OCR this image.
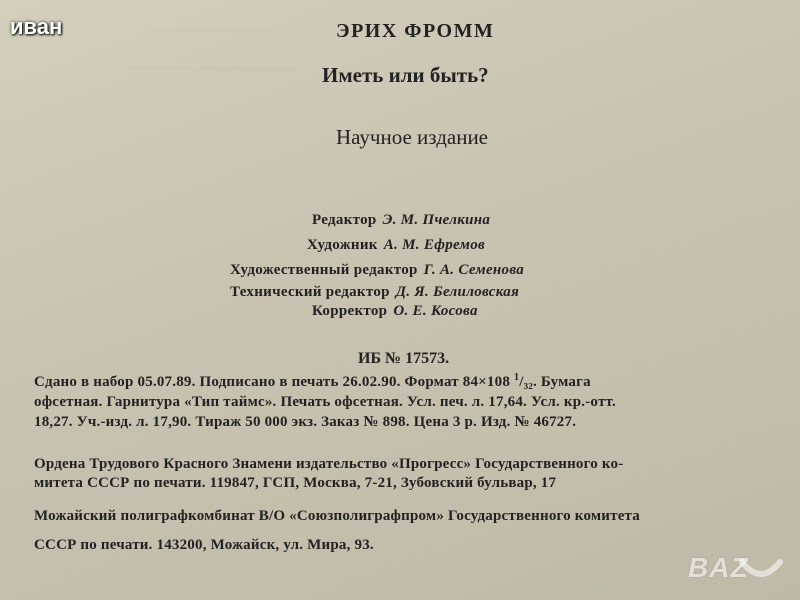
──────────
─────────────
иван	ЭРИХ ФРОММ
Иметь или быть?
Научное издание
Редактор Э. М. Пчелкина
Художник А. М. Ефремов
Художественный редактор Г. А. Семенова
Технический редактор Д. Я. Белиловская
Корректор О. Е. Косова
ИБ № 17573.
Сдано в набор 05.07.89. Подписано в печать 26.02.90. Формат 84×108 $^1$/₃₂. Бумага
офсетная. Гарнитура «Тип таймс». Печать офсетная. Усл. печ. л. 17,64. Усл. кр.-отт.
18,27. Уч.-изд. л. 17,90. Тираж 50 000 экз. Заказ № 898. Цена 3 р. Изд. № 46727.
Ордена Трудового Красного Знамени издательство «Прогресс» Государственного ко-
митета СССР по печати. 119847, ГСП, Москва, 7-21, Зубовский бульвар, 17
Можайский полиграфкомбинат В/О «Союзполиграфпром» Государственного комитета
СССР по печати. 143200, Можайск, ул. Мира, 93.
BAZ
